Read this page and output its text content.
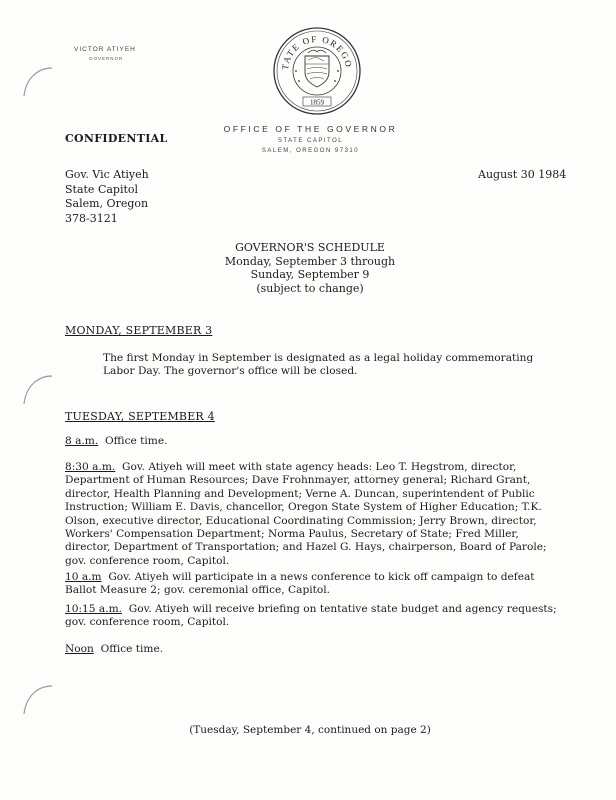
VICTOR ATIYEH
GOVERNOR
TATE OF OREGO
1859
CONFIDENTIAL
OFFICE OF THE GOVERNOR
STATE CAPITOL
SALEM, OREGON 97310
Gov. Vic Atiyeh
State Capitol
Salem, Oregon
378-3121
August 30 1984
GOVERNOR'S SCHEDULE
Monday, September 3 through
Sunday, September 9
(subject to change)
MONDAY, SEPTEMBER 3
The first Monday in September is designated as a legal holiday commemorating Labor Day. The governor's office will be closed.
TUESDAY, SEPTEMBER 4
8 a.m. Office time.
8:30 a.m. Gov. Atiyeh will meet with state agency heads: Leo T. Hegstrom, director, Department of Human Resources; Dave Frohnmayer, attorney general; Richard Grant, director, Health Planning and Development; Verne A. Duncan, superintendent of Public Instruction; William E. Davis, chancellor, Oregon State System of Higher Education; T.K. Olson, executive director, Educational Coordinating Commission; Jerry Brown, director, Workers' Compensation Department; Norma Paulus, Secretary of State; Fred Miller, director, Department of Transportation; and Hazel G. Hays, chairperson, Board of Parole; gov. conference room, Capitol.
10 a.m Gov. Atiyeh will participate in a news conference to kick off campaign to defeat Ballot Measure 2; gov. ceremonial office, Capitol.
10:15 a.m. Gov. Atiyeh will receive briefing on tentative state budget and agency requests; gov. conference room, Capitol.
Noon Office time.
(Tuesday, September 4, continued on page 2)
